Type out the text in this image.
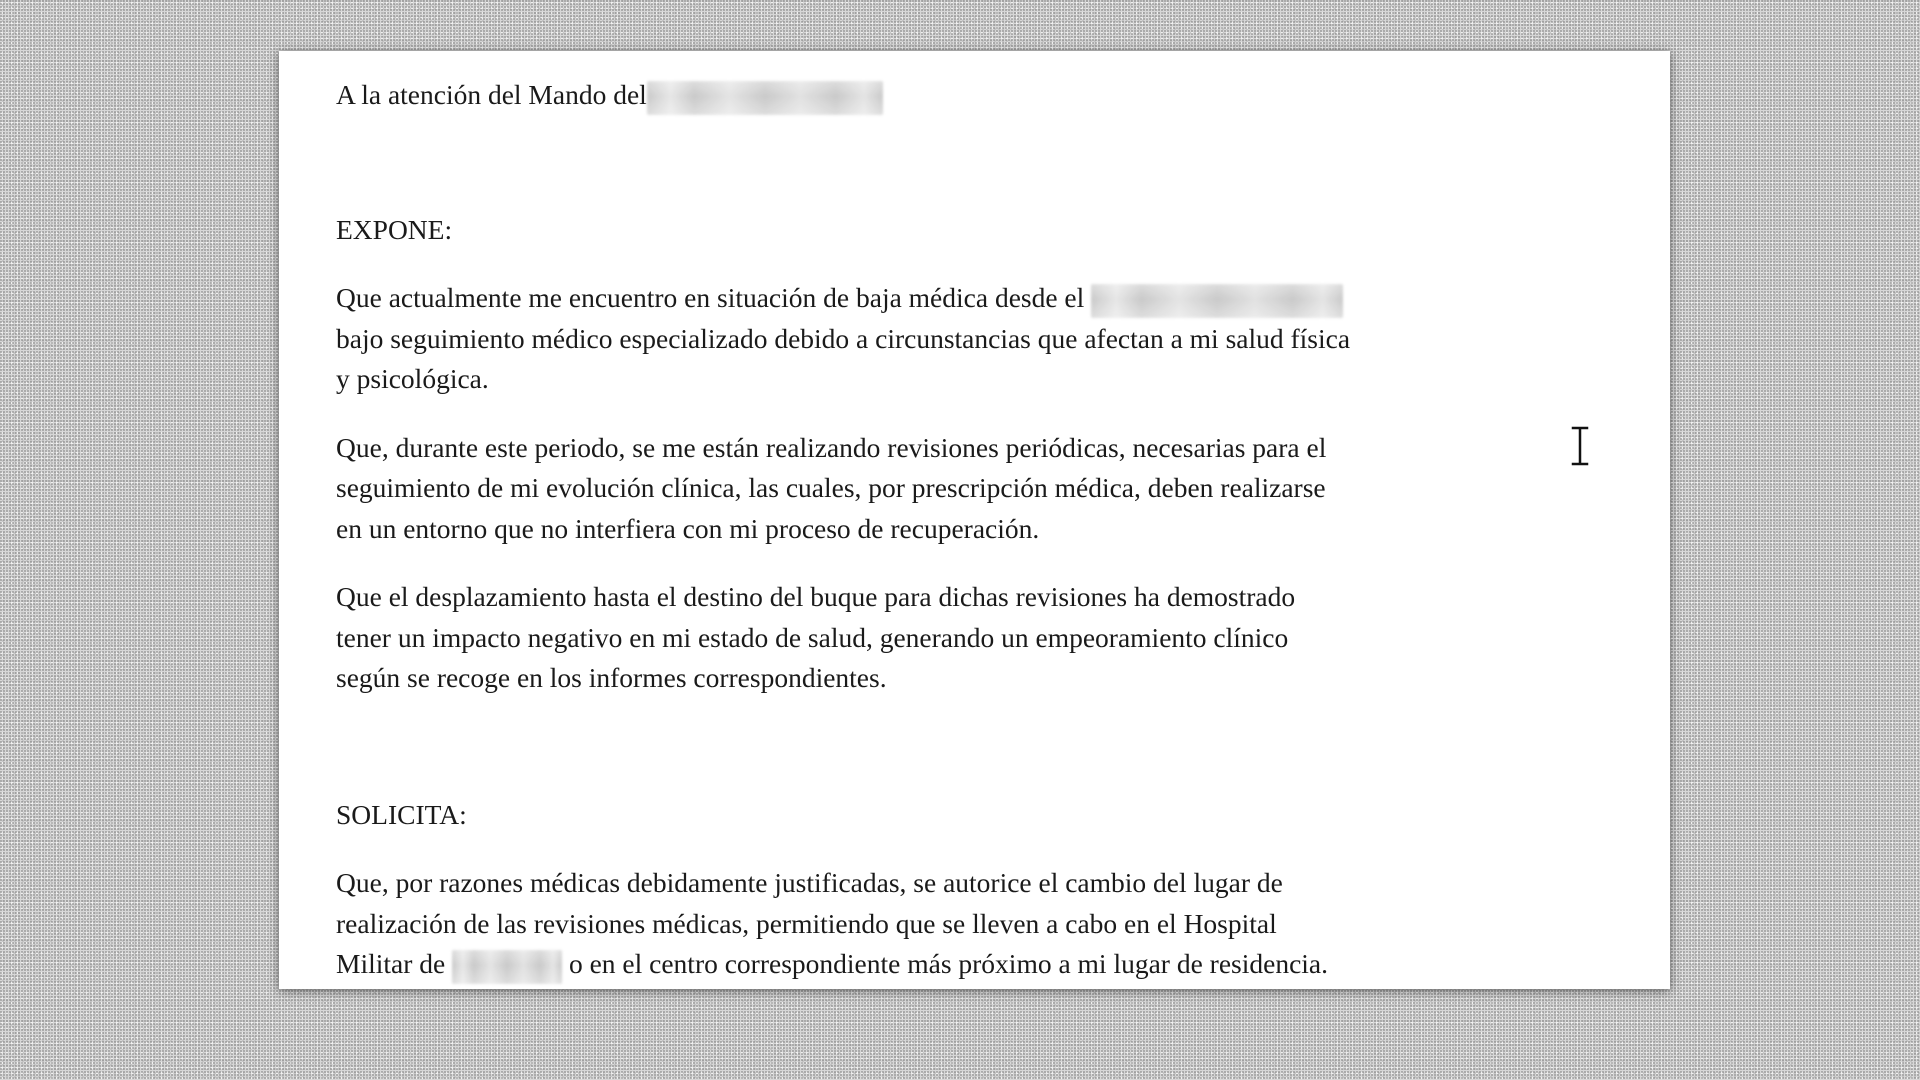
A la atención del Mando del
EXPONE:
Que actualmente me encuentro en situación de baja médica desde el
bajo seguimiento médico especializado debido a circunstancias que afectan a mi salud física
y psicológica.
Que, durante este periodo, se me están realizando revisiones periódicas, necesarias para el
seguimiento de mi evolución clínica, las cuales, por prescripción médica, deben realizarse
en un entorno que no interfiera con mi proceso de recuperación.
Que el desplazamiento hasta el destino del buque para dichas revisiones ha demostrado
tener un impacto negativo en mi estado de salud, generando un empeoramiento clínico
según se recoge en los informes correspondientes.
SOLICITA:
Que, por razones médicas debidamente justificadas, se autorice el cambio del lugar de
realización de las revisiones médicas, permitiendo que se lleven a cabo en el Hospital
Militar de	o en el centro correspondiente más próximo a mi lugar de residencia.
